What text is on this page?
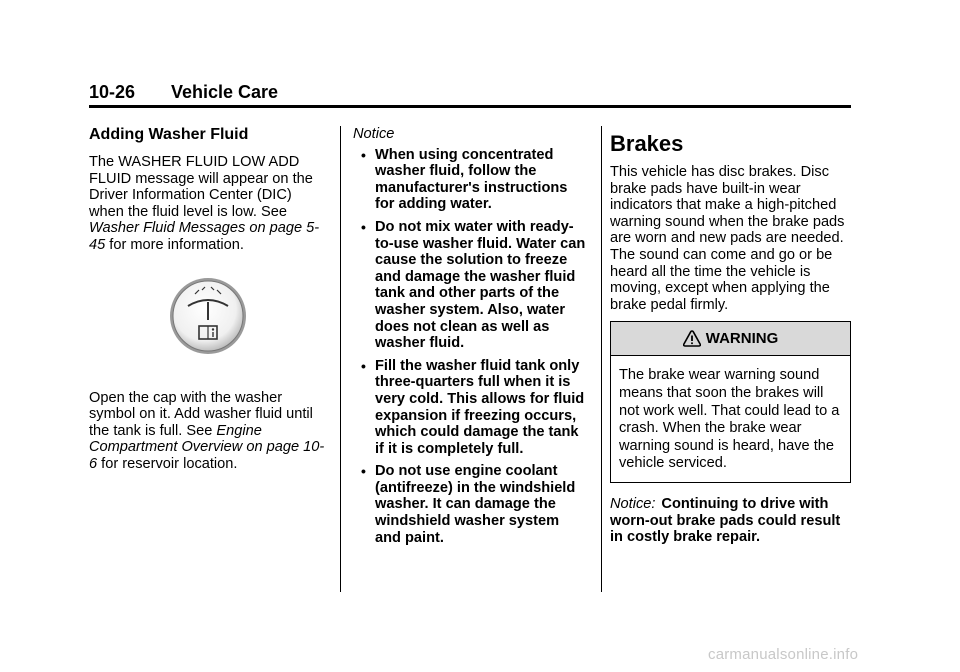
10-26 Vehicle Care
Adding Washer Fluid

The WASHER FLUID LOW ADD FLUID message will appear on the Driver Information Center (DIC) when the fluid level is low. See Washer Fluid Messages on page 5-45 for more information.

Open the cap with the washer symbol on it. Add washer fluid until the tank is full. See Engine Compartment Overview on page 10-6 for reservoir location.

Notice
• When using concentrated washer fluid, follow the manufacturer's instructions for adding water.
• Do not mix water with ready-to-use washer fluid. Water can cause the solution to freeze and damage the washer fluid tank and other parts of the washer system. Also, water does not clean as well as washer fluid.
• Fill the washer fluid tank only three-quarters full when it is very cold. This allows for fluid expansion if freezing occurs, which could damage the tank if it is completely full.
• Do not use engine coolant (antifreeze) in the windshield washer. It can damage the windshield washer system and paint.
Brakes

This vehicle has disc brakes. Disc brake pads have built-in wear indicators that make a high-pitched warning sound when the brake pads are worn and new pads are needed. The sound can come and go or be heard all the time the vehicle is moving, except when applying the brake pedal firmly.

WARNING
The brake wear warning sound means that soon the brakes will not work well. That could lead to a crash. When the brake wear warning sound is heard, have the vehicle serviced.

Notice: Continuing to drive with worn-out brake pads could result in costly brake repair.

carmanualsonline.info
